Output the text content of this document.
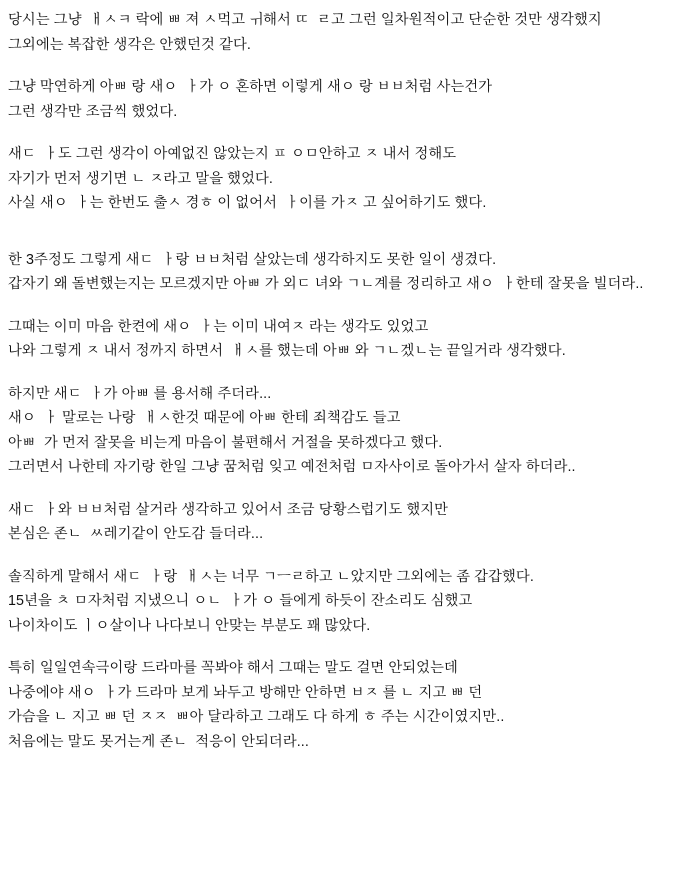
당시는 그냥  ㅐㅅㅋ 락에 ㅃ 져 ㅅ먹고 ㅟ해서 ㄸ  ㄹ고 그런 일차원적이고 단순한 것만 생각했지
그외에는 복잡한 생각은 안했던것 같다.
그냥 막연하게 아ㅃ 랑 새ㅇ  ㅏ가 ㅇ 혼하면 이렇게 새ㅇ 랑 ㅂㅂ처럼 사는건가
그런 생각만 조금씩 했었다.
새ㄷ  ㅏ도 그런 생각이 아예없진 않았는지 ㅍ ㅇㅁ안하고 ㅈ 내서 정해도
자기가 먼저 생기면 ㄴ ㅈ라고 말을 했었다.
사실 새ㅇ  ㅏ는 한번도 출ㅅ 경ㅎ 이 없어서  ㅏ이를 가ㅈ 고 싶어하기도 했다.
한 3주정도 그렇게 새ㄷ  ㅏ랑 ㅂㅂ처럼 살았는데 생각하지도 못한 일이 생겼다.
갑자기 왜 돌변했는지는 모르겠지만 아ㅃ 가 외ㄷ 녀와 ㄱㄴ계를 정리하고 새ㅇ  ㅏ한테 잘못을 빌더라..
그때는 이미 마음 한켠에 새ㅇ  ㅏ는 이미 내여ㅈ 라는 생각도 있었고
나와 그렇게 ㅈ 내서 정까지 하면서  ㅐㅅ를 했는데 아ㅃ 와 ㄱㄴ겠ㄴ는 끝일거라 생각했다.
하지만 새ㄷ  ㅏ가 아ㅃ 를 용서해 주더라...
새ㅇ  ㅏ 말로는 나랑  ㅐㅅ한것 때문에 아ㅃ 한테 죄책감도 들고
아ㅃ  가 먼저 잘못을 비는게 마음이 불편해서 거절을 못하겠다고 했다.
그러면서 나한테 자기랑 한일 그냥 꿈처럼 잊고 예전처럼 ㅁ자사이로 돌아가서 살자 하더라..
새ㄷ  ㅏ와 ㅂㅂ처럼 살거라 생각하고 있어서 조금 당황스럽기도 했지만
본심은 존ㄴ  ㅆ레기같이 안도감 들더라...
솔직하게 말해서 새ㄷ  ㅏ랑  ㅐㅅ는 너무 ㄱㅡㄹ하고 ㄴ았지만 그외에는 좀 갑갑했다.
15년을 ㅊ ㅁ자처럼 지냈으니 ㅇㄴ  ㅏ가 ㅇ 들에게 하듯이 잔소리도 심했고
나이차이도 ㅣㅇ살이나 나다보니 안맞는 부분도 꽤 많았다.
특히 일일연속극이랑 드라마를 꼭봐야 해서 그때는 말도 걸면 안되었는데
나중에야 새ㅇ  ㅏ가 드라마 보게 놔두고 방해만 안하면 ㅂㅈ 를 ㄴ 지고 ㅃ 던
가슴을 ㄴ 지고 ㅃ 던 ㅈㅈ  ㅃ아 달라하고 그래도 다 하게 ㅎ 주는 시간이였지만..
처음에는 말도 못거는게 존ㄴ  적응이 안되더라...
